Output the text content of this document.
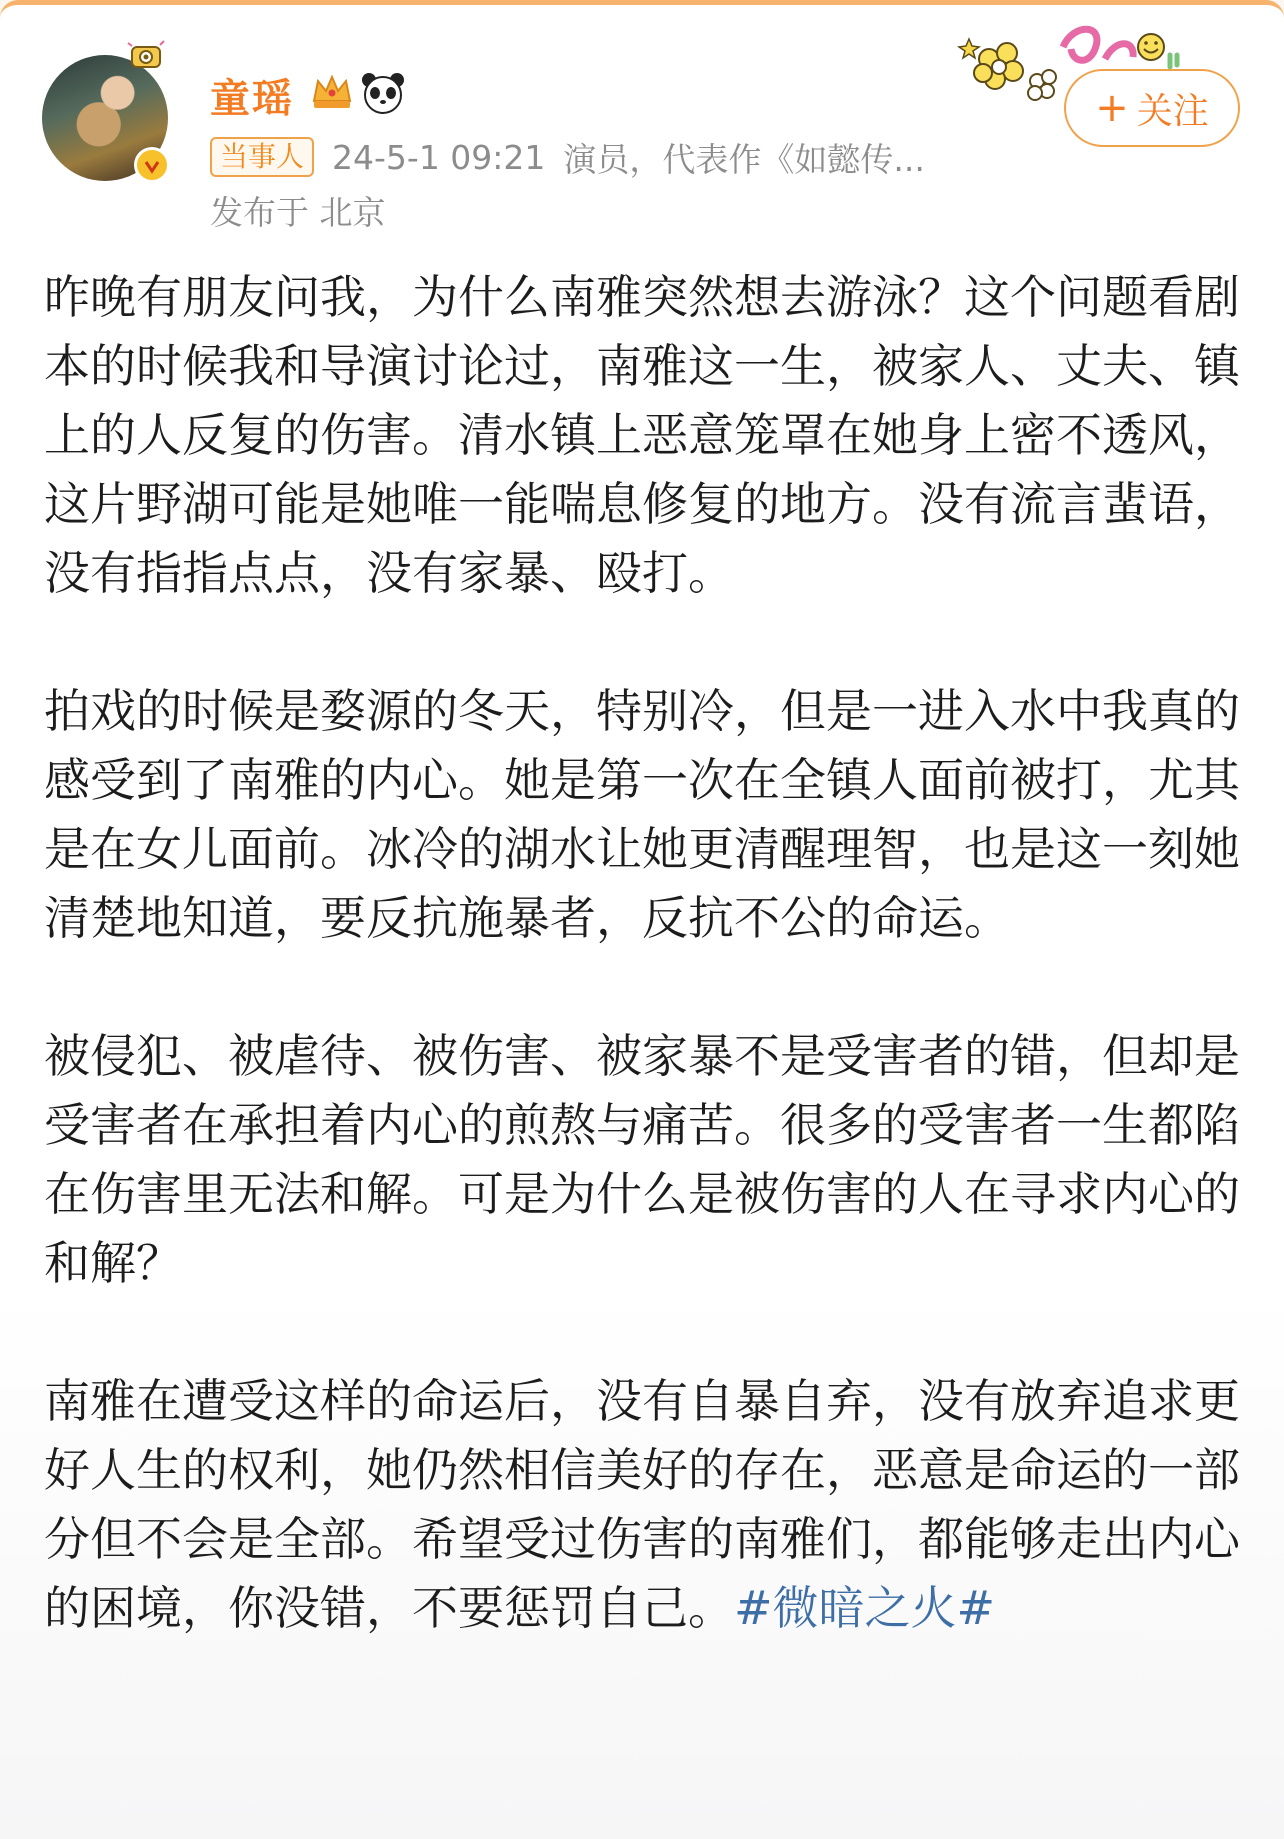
童瑶
当事人 24-5-1 09:21 演员，代表作《如懿传...
发布于 北京
+ 关注

昨晚有朋友问我，为什么南雅突然想去游泳？这个问题看剧本的时候我和导演讨论过，南雅这一生，被家人、丈夫、镇上的人反复的伤害。清水镇上恶意笼罩在她身上密不透风，这片野湖可能是她唯一能喘息修复的地方。没有流言蜚语，没有指指点点，没有家暴、殴打。

拍戏的时候是婺源的冬天，特别冷，但是一进入水中我真的感受到了南雅的内心。她是第一次在全镇人面前被打，尤其是在女儿面前。冰冷的湖水让她更清醒理智，也是这一刻她清楚地知道，要反抗施暴者，反抗不公的命运。

被侵犯、被虐待、被伤害、被家暴不是受害者的错，但却是受害者在承担着内心的煎熬与痛苦。很多的受害者一生都陷在伤害里无法和解。可是为什么是被伤害的人在寻求内心的和解？

南雅在遭受这样的命运后，没有自暴自弃，没有放弃追求更好人生的权利，她仍然相信美好的存在，恶意是命运的一部分但不会是全部。希望受过伤害的南雅们，都能够走出内心的困境，你没错，不要惩罚自己。#微暗之火#
